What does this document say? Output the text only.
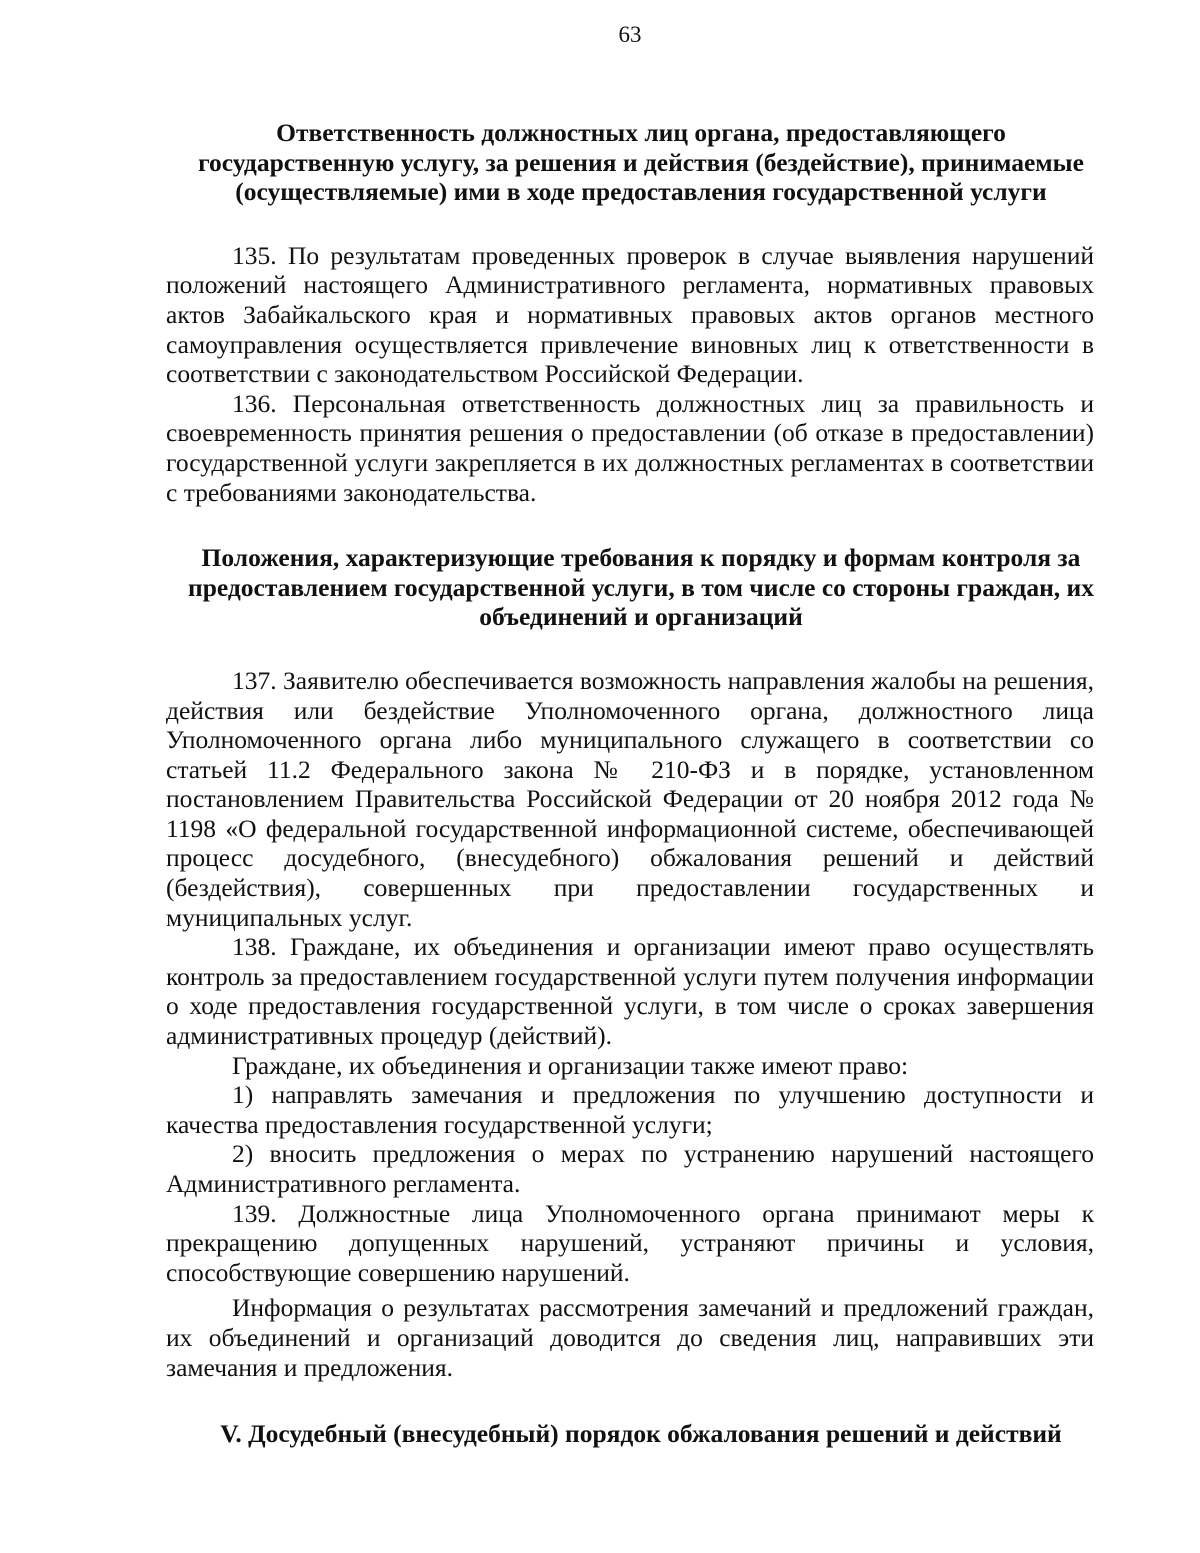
63

Ответственность должностных лиц органа, предоставляющего государственную услугу, за решения и действия (бездействие), принимаемые (осуществляемые) ими в ходе предоставления государственной услуги

135. По результатам проведенных проверок в случае выявления нарушений положений настоящего Административного регламента, нормативных правовых актов Забайкальского края и нормативных правовых актов органов местного самоуправления осуществляется привлечение виновных лиц к ответственности в соответствии с законодательством Российской Федерации.

136. Персональная ответственность должностных лиц за правильность и своевременность принятия решения о предоставлении (об отказе в предоставлении) государственной услуги закрепляется в их должностных регламентах в соответствии с требованиями законодательства.

Положения, характеризующие требования к порядку и формам контроля за предоставлением государственной услуги, в том числе со стороны граждан, их объединений и организаций

137. Заявителю обеспечивается возможность направления жалобы на решения, действия или бездействие Уполномоченного органа, должностного лица Уполномоченного органа либо муниципального служащего в соответствии со статьей 11.2 Федерального закона № 210-ФЗ и в порядке, установленном постановлением Правительства Российской Федерации от 20 ноября 2012 года № 1198 «О федеральной государственной информационной системе, обеспечивающей процесс досудебного, (внесудебного) обжалования решений и действий (бездействия), совершенных при предоставлении государственных и муниципальных услуг.

138. Граждане, их объединения и организации имеют право осуществлять контроль за предоставлением государственной услуги путем получения информации о ходе предоставления государственной услуги, в том числе о сроках завершения административных процедур (действий).

Граждане, их объединения и организации также имеют право:

1) направлять замечания и предложения по улучшению доступности и качества предоставления государственной услуги;

2) вносить предложения о мерах по устранению нарушений настоящего Административного регламента.

139. Должностные лица Уполномоченного органа принимают меры к прекращению допущенных нарушений, устраняют причины и условия, способствующие совершению нарушений.

Информация о результатах рассмотрения замечаний и предложений граждан, их объединений и организаций доводится до сведения лиц, направивших эти замечания и предложения.

V. Досудебный (внесудебный) порядок обжалования решений и действий
